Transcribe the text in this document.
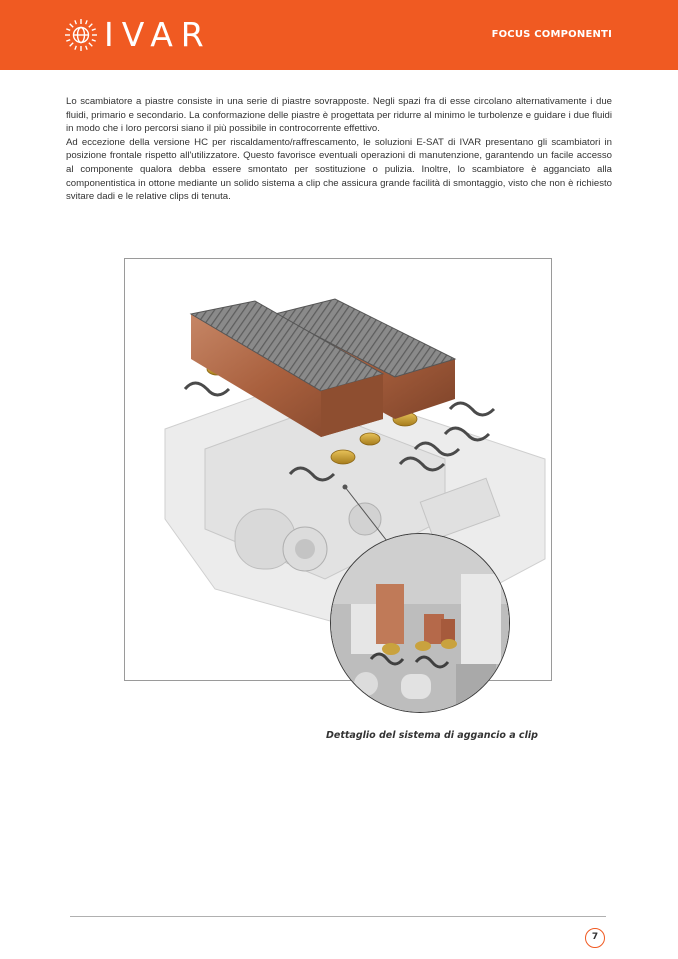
IVAR	FOCUS COMPONENTI

Lo scambiatore a piastre consiste in una serie di piastre sovrapposte. Negli spazi fra di esse circolano alternativamente i due fluidi, primario e secondario. La conformazione delle piastre è progettata per ridurre al minimo le turbolenze e guidare i due fluidi in modo che i loro percorsi siano il più possibile in controcorrente effettivo.

Ad eccezione della versione HC per riscaldamento/raffrescamento, le soluzioni E-SAT di IVAR presentano gli scambiatori in posizione frontale rispetto all'utilizzatore. Questo favorisce eventuali operazioni di manutenzione, garantendo un facile accesso al componente qualora debba essere smontato per sostituzione o pulizia. Inoltre, lo scambiatore è agganciato alla componentistica in ottone mediante un solido sistema a clip che assicura grande facilità di smontaggio, visto che non è richiesto svitare dadi e le relative clips di tenuta.

Dettaglio del sistema di aggancio a clip
7
